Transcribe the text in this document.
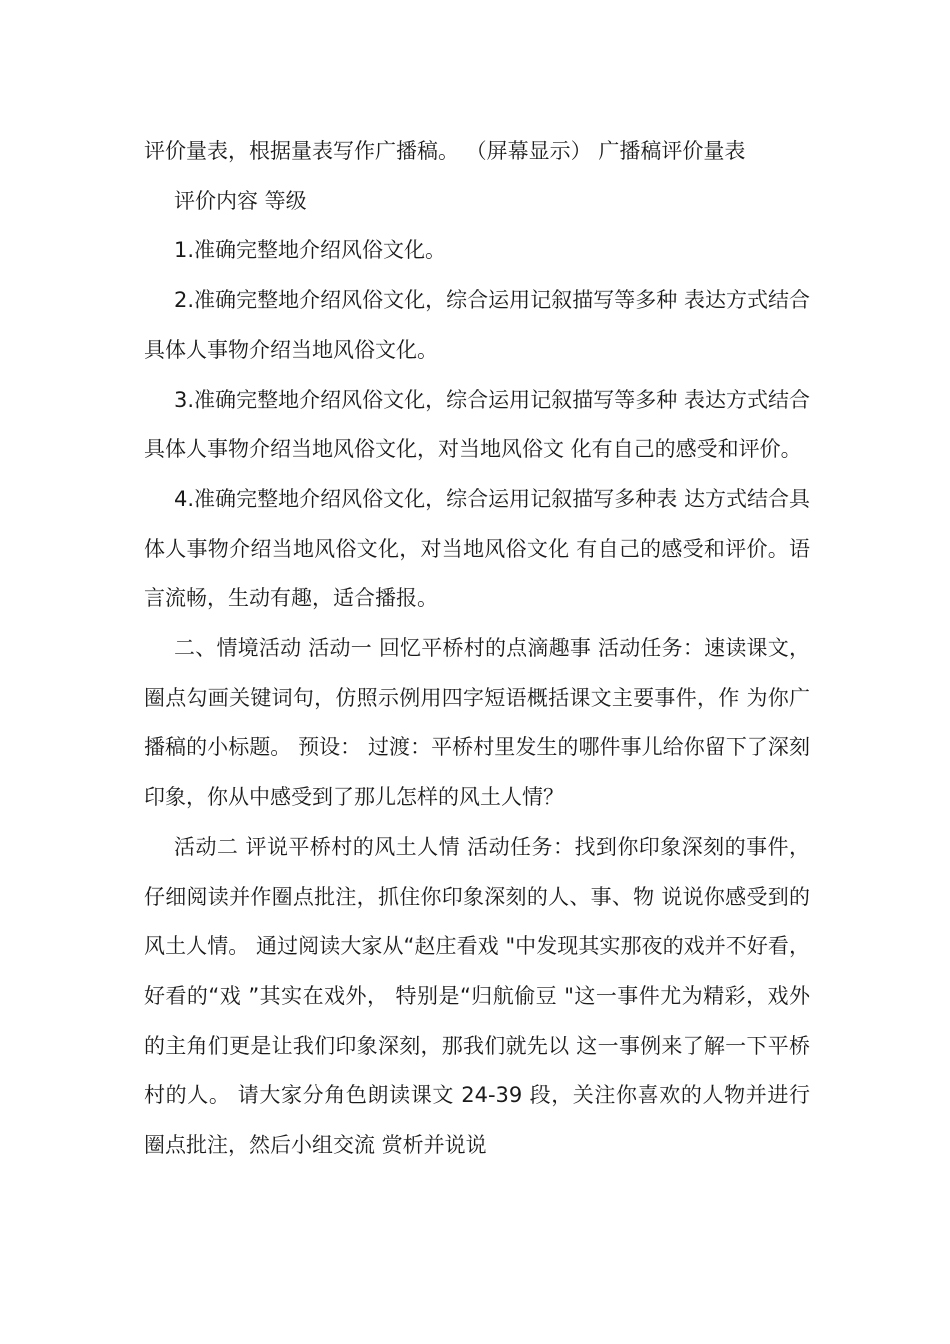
评价量表，根据量表写作广播稿。 （屏幕显示） 广播稿评价量表

评价内容 等级

1.准确完整地介绍风俗文化。

2.准确完整地介绍风俗文化，综合运用记叙描写等多种 表达方式结合具体人事物介绍当地风俗文化。

3.准确完整地介绍风俗文化，综合运用记叙描写等多种 表达方式结合具体人事物介绍当地风俗文化，对当地风俗文 化有自己的感受和评价。

4.准确完整地介绍风俗文化，综合运用记叙描写多种表 达方式结合具体人事物介绍当地风俗文化，对当地风俗文化 有自己的感受和评价。语言流畅，生动有趣，适合播报。

二、情境活动 活动一 回忆平桥村的点滴趣事 活动任务：速读课文，圈点勾画关键词句，仿照示例用四字短语概括课文主要事件，作 为你广播稿的小标题。 预设： 过渡：平桥村里发生的哪件事儿给你留下了深刻印象，你从中感受到了那儿怎样的风土人情？

活动二 评说平桥村的风土人情 活动任务：找到你印象深刻的事件，仔细阅读并作圈点批注，抓住你印象深刻的人、事、物 说说你感受到的风土人情。 通过阅读大家从“赵庄看戏 "中发现其实那夜的戏并不好看，好看的“戏 ”其实在戏外， 特别是“归航偷豆 "这一事件尤为精彩，戏外的主角们更是让我们印象深刻，那我们就先以 这一事例来了解一下平桥村的人。 请大家分角色朗读课文 24-39 段，关注你喜欢的人物并进行圈点批注，然后小组交流 赏析并说说
